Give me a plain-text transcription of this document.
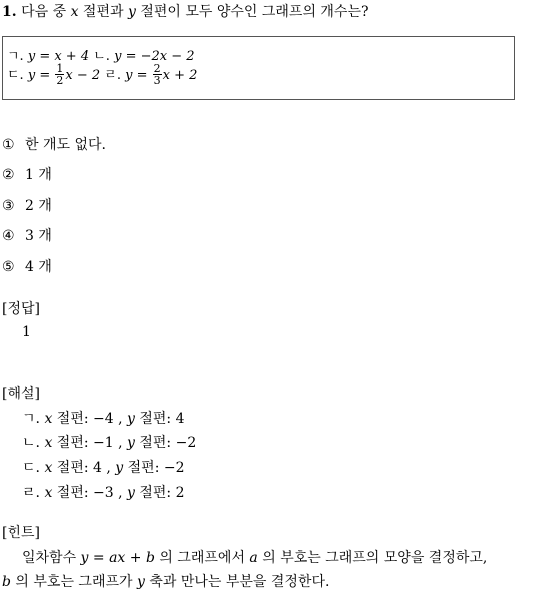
1. 다음 중 x 절편과 y 절편이 모두 양수인 그래프의 개수는?
ㄱ. y = x + 4 ㄴ. y = −2x − 2
ㄷ. $y = \frac{1}{2}$ x − 2 ㄹ. $y = \frac{2}{3}$ x + 2
① 한 개도 없다.
② 1 개
③ 2 개
④ 3 개
⑤ 4 개
[정답]
1
[해설]
ㄱ. x 절편: −4 , y 절편: 4
ㄴ. x 절편: −1 , y 절편: −2
ㄷ. x 절편: 4 , y 절편: −2
ㄹ. x 절편: −3 , y 절편: 2
[힌트]
일차함수 y = ax + b 의 그래프에서 a 의 부호는 그래프의 모양을 결정하고,
b 의 부호는 그래프가 y 축과 만나는 부분을 결정한다.
